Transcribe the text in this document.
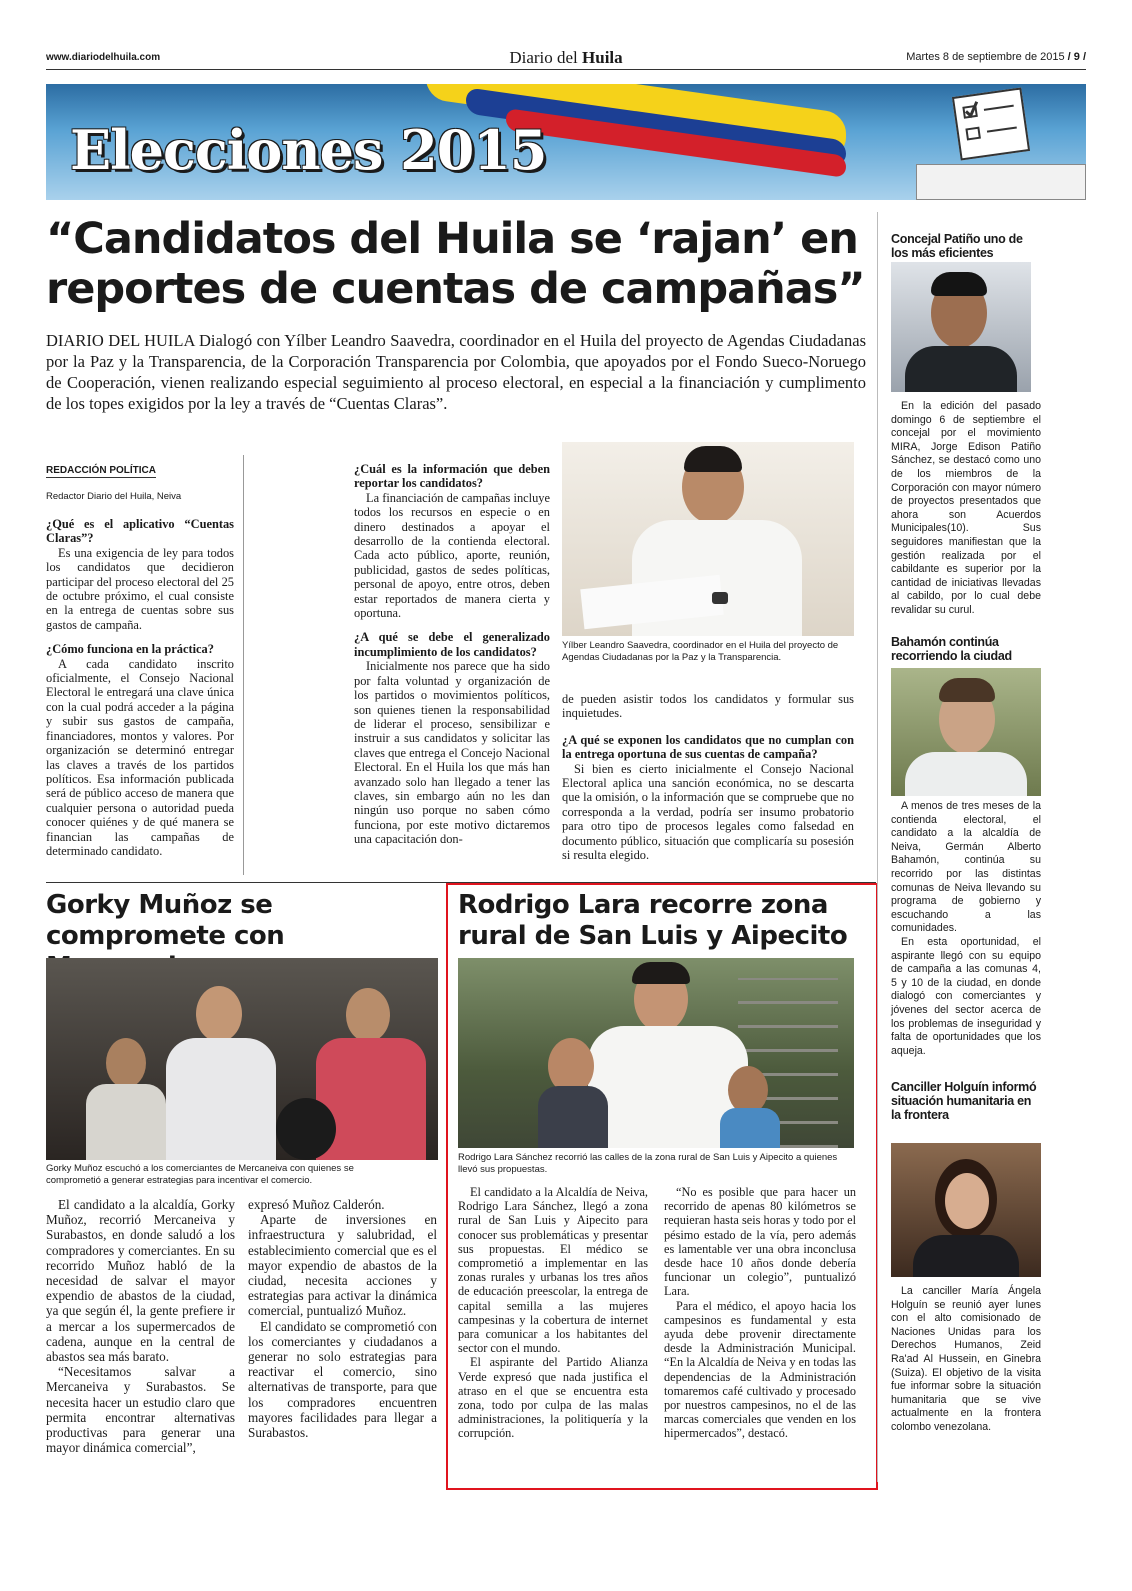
www.diariodelhuila.com	Diario del Huila	Martes 8 de septiembre de 2015 / 9 /
Elecciones 2015
“Candidatos del Huila se ‘rajan’ en reportes de cuentas de campañas”

DIARIO DEL HUILA Dialogó con Yílber Leandro Saavedra, coordinador en el Huila del proyecto de Agendas Ciudadanas por la Paz y la Transparencia, de la Corporación Transparencia por Colombia, que apoyados por el Fondo Sueco-Noruego de Cooperación, vienen realizando especial seguimiento al proceso electoral, en especial a la financiación y cumplimento de los topes exigidos por la ley a través de “Cuentas Claras”.

REDACCIÓN POLÍTICA
Redactor Diario del Huila, Neiva
¿Qué es el aplicativo “Cuentas Claras”?

Es una exigencia de ley para todos los candidatos que decidieron participar del proceso electoral del 25 de octubre próximo, el cual consiste en la entrega de cuentas sobre sus gastos de campaña.

¿Cómo funciona en la práctica?

A cada candidato inscrito oficialmente, el Consejo Nacional Electoral le entregará una clave única con la cual podrá acceder a la página y subir sus gastos de campaña, financiadores, montos y valores. Por organización se determinó entregar las claves a través de los partidos políticos. Esa información publicada será de público acceso de manera que cualquier persona o autoridad pueda conocer quiénes y de qué manera se financian las campañas de determinado candidato.

¿Cuál es la información que deben reportar los candidatos?

La financiación de campañas incluye todos los recursos en especie o en dinero destinados a apoyar el desarrollo de la contienda electoral. Cada acto público, aporte, reunión, publicidad, gastos de sedes políticas, personal de apoyo, entre otros, deben estar reportados de manera cierta y oportuna.

¿A qué se debe el generalizado incumplimiento de los candidatos?

Inicialmente nos parece que ha sido por falta voluntad y organización de los partidos o movimientos políticos, son quienes tienen la responsabilidad de liderar el proceso, sensibilizar e instruir a sus candidatos y solicitar las claves que entrega el Concejo Nacional Electoral. En el Huila los que más han avanzado solo han llegado a tener las claves, sin embargo aún no les dan ningún uso porque no saben cómo funciona, por este motivo dictaremos una capacitación don-

Yílber Leandro Saavedra, coordinador en el Huila del proyecto de Agendas Ciudadanas por la Paz y la Transparencia.

de pueden asistir todos los candidatos y formular sus inquietudes.

¿A qué se exponen los candidatos que no cumplan con la entrega oportuna de sus cuentas de campaña?

Si bien es cierto inicialmente el Consejo Nacional Electoral aplica una sanción económica, no se descarta que la omisión, o la información que se compruebe que no corresponda a la verdad, podría ser insumo probatorio para otro tipo de procesos legales como falsedad en documento público, situación que complicaría su posesión si resulta elegido.

Gorky Muñoz se compromete con

Gorky Muñoz escuchó a los comerciantes de Mercaneiva con quienes se comprometió a generar estrategias para incentivar el comercio.

El candidato a la alcaldía, Gorky Muñoz, recorrió Mercaneiva y Surabastos, en donde saludó a los compradores y comerciantes. En su recorrido Muñoz habló de la necesidad de salvar el mayor expendio de abastos de la ciudad, ya que según él, la gente prefiere ir a mercar a los supermercados de cadena, aunque en la central de abastos sea más barato.

“Necesitamos salvar a Mercaneiva y Surabastos. Se necesita hacer un estudio claro que permita encontrar alternativas productivas para generar una mayor dinámica comercial”,

expresó Muñoz Calderón.

Aparte de inversiones en infraestructura y salubridad, el establecimiento comercial que es el mayor expendio de abastos de la ciudad, necesita acciones y estrategias para activar la dinámica comercial, puntualizó Muñoz.

El candidato se comprometió con los comerciantes y ciudadanos a generar no solo estrategias para reactivar el comercio, sino alternativas de transporte, para que los compradores encuentren mayores facilidades para llegar a Surabastos.

Rodrigo Lara recorre zona rural de San Luis y Aipecito

Rodrigo Lara Sánchez recorrió las calles de la zona rural de San Luis y Aipecito a quienes llevó sus propuestas.

El candidato a la Alcaldía de Neiva, Rodrigo Lara Sánchez, llegó a zona rural de San Luis y Aipecito para conocer sus problemáticas y presentar sus propuestas. El médico se comprometió a implementar en las zonas rurales y urbanas los tres años de educación preescolar, la entrega de capital semilla a las mujeres campesinas y la cobertura de internet para comunicar a los habitantes del sector con el mundo.

El aspirante del Partido Alianza Verde expresó que nada justifica el atraso en el que se encuentra esta zona, todo por culpa de las malas administraciones, la politiquería y la corrupción.

“No es posible que para hacer un recorrido de apenas 80 kilómetros se requieran hasta seis horas y todo por el pésimo estado de la vía, pero además es lamentable ver una obra inconclusa desde hace 10 años donde debería funcionar un colegio”, puntualizó Lara.

Para el médico, el apoyo hacia los campesinos es fundamental y esta ayuda debe provenir directamente desde la Administración Municipal. “En la Alcaldía de Neiva y en todas las dependencias de la Administración tomaremos café cultivado y procesado por nuestros campesinos, no el de las marcas comerciales que venden en los hipermercados”, destacó.

Concejal Patiño uno de los más eficientes

En la edición del pasado domingo 6 de septiembre el concejal por el movimiento MIRA, Jorge Edison Patiño Sánchez, se destacó como uno de los miembros de la Corporación con mayor número de proyectos presentados que ahora son Acuerdos Municipales(10). Sus seguidores manifiestan que la gestión realizada por el cabildante es superior por la cantidad de iniciativas llevadas al cabildo, por lo cual debe revalidar su curul.

Bahamón continúa recorriendo la ciudad

A menos de tres meses de la contienda electoral, el candidato a la alcaldía de Neiva, Germán Alberto Bahamón, continúa su recorrido por las distintas comunas de Neiva llevando su programa de gobierno y escuchando a las comunidades.

En esta oportunidad, el aspirante llegó con su equipo de campaña a las comunas 4, 5 y 10 de la ciudad, en donde dialogó con comerciantes y jóvenes del sector acerca de los problemas de inseguridad y falta de oportunidades que los aqueja.

Canciller Holguín informó situación humanitaria en la frontera

La canciller María Ángela Holguín se reunió ayer lunes con el alto comisionado de Naciones Unidas para los Derechos Humanos, Zeid Ra'ad Al Hussein, en Ginebra (Suiza). El objetivo de la visita fue informar sobre la situación humanitaria que se vive actualmente en la frontera colombo venezolana.
